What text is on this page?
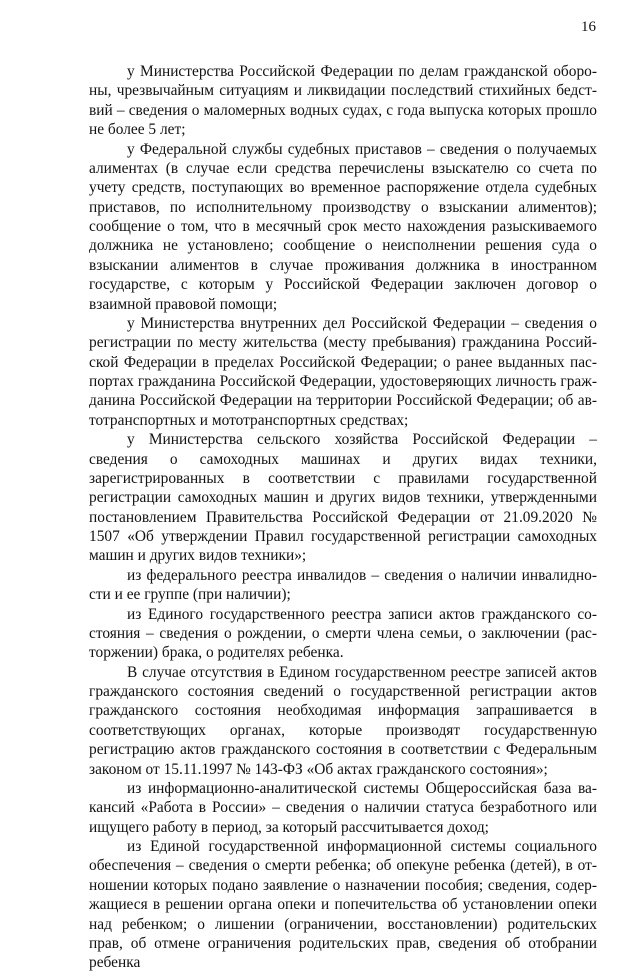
16

у Министерства Российской Федерации по делам гражданской обороны, чрезвычайным ситуациям и ликвидации последствий стихийных бедствий – сведения о маломерных водных судах, с года выпуска которых прошло не более 5 лет;

у Федеральной службы судебных приставов – сведения о получаемых алиментах (в случае если средства перечислены взыскателю со счета по учету средств, поступающих во временное распоряжение отдела судебных приставов, по исполнительному производству о взыскании алиментов); сообщение о том, что в месячный срок место нахождения разыскиваемого должника не установлено; сообщение о неисполнении решения суда о взыскании алиментов в случае проживания должника в иностранном государстве, с которым у Российской Федерации заключен договор о взаимной правовой помощи;

у Министерства внутренних дел Российской Федерации – сведения о регистрации по месту жительства (месту пребывания) гражданина Российской Федерации в пределах Российской Федерации; о ранее выданных паспортах гражданина Российской Федерации, удостоверяющих личность гражданина Российской Федерации на территории Российской Федерации; об автотранспортных и мототранспортных средствах;

у Министерства сельского хозяйства Российской Федерации – сведения о самоходных машинах и других видах техники, зарегистрированных в соответствии с правилами государственной регистрации самоходных машин и других видов техники, утвержденными постановлением Правительства Российской Федерации от 21.09.2020 № 1507 «Об утверждении Правил государственной регистрации самоходных машин и других видов техники»;

из федерального реестра инвалидов – сведения о наличии инвалидности и ее группе (при наличии);

из Единого государственного реестра записи актов гражданского состояния – сведения о рождении, о смерти члена семьи, о заключении (расторжении) брака, о родителях ребенка.

В случае отсутствия в Едином государственном реестре записей актов гражданского состояния сведений о государственной регистрации актов гражданского состояния необходимая информация запрашивается в соответствующих органах, которые производят государственную регистрацию актов гражданского состояния в соответствии с Федеральным законом от 15.11.1997 № 143-ФЗ «Об актах гражданского состояния»;

из информационно-аналитической системы Общероссийская база вакансий «Работа в России» – сведения о наличии статуса безработного или ищущего работу в период, за который рассчитывается доход;

из Единой государственной информационной системы социального обеспечения – сведения о смерти ребенка; об опекуне ребенка (детей), в отношении которых подано заявление о назначении пособия; сведения, содержащиеся в решении органа опеки и попечительства об установлении опеки над ребенком; о лишении (ограничении, восстановлении) родительских прав, об отмене ограничения родительских прав, сведения об отобрании ребенка
